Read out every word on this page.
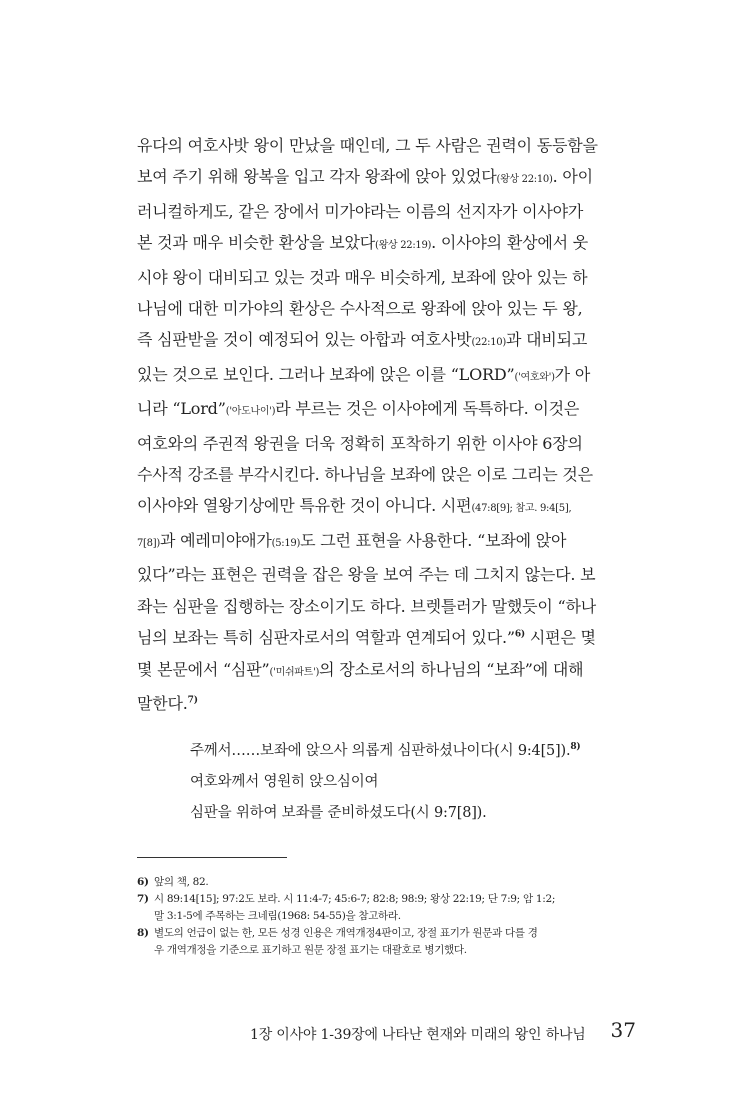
유다의 여호사밧 왕이 만났을 때인데, 그 두 사람은 권력이 동등함을
보여 주기 위해 왕복을 입고 각자 왕좌에 앉아 있었다(왕상 22:10). 아이
러니컬하게도, 같은 장에서 미가야라는 이름의 선지자가 이사야가
본 것과 매우 비슷한 환상을 보았다(왕상 22:19). 이사야의 환상에서 웃
시야 왕이 대비되고 있는 것과 매우 비슷하게, 보좌에 앉아 있는 하
나님에 대한 미가야의 환상은 수사적으로 왕좌에 앉아 있는 두 왕,
즉 심판받을 것이 예정되어 있는 아합과 여호사밧(22:10)과 대비되고
있는 것으로 보인다. 그러나 보좌에 앉은 이를 “LORD”('여호와')가 아
니라 “Lord”('아도나이')라 부르는 것은 이사야에게 독특하다. 이것은
여호와의 주권적 왕권을 더욱 정확히 포착하기 위한 이사야 6장의
수사적 강조를 부각시킨다. 하나님을 보좌에 앉은 이로 그리는 것은
이사야와 열왕기상에만 특유한 것이 아니다. 시편(47:8[9]; 참고. 9:4[5],
7[8])과 예레미야애가(5:19)도 그런 표현을 사용한다. “보좌에 앉아
있다”라는 표현은 권력을 잡은 왕을 보여 주는 데 그치지 않는다. 보
좌는 심판을 집행하는 장소이기도 하다. 브렛틀러가 말했듯이 “하나
님의 보좌는 특히 심판자로서의 역할과 연계되어 있다.”$^{6)}$ 시편은 몇
몇 본문에서 “심판”('미쉬파트')의 장소로서의 하나님의 “보좌”에 대해
말한다.$^{7)}$
주께서……보좌에 앉으사 의롭게 심판하셨나이다(시 9:4[5]).$^{8)}$
여호와께서 영원히 앉으심이여
심판을 위하여 보좌를 준비하셨도다(시 9:7[8]).
6) 앞의 책, 82.
7) 시 89:14[15]; 97:2도 보라. 시 11:4-7; 45:6-7; 82:8; 98:9; 왕상 22:19; 단 7:9; 암 1:2;
말 3:1-5에 주목하는 크네림(1968: 54-55)을 참고하라.
8) 별도의 언급이 없는 한, 모든 성경 인용은 개역개정4판이고, 장절 표기가 원문과 다를 경
우 개역개정을 기준으로 표기하고 원문 장절 표기는 대괄호로 병기했다.
1장 이사야 1-39장에 나타난 현재와 미래의 왕인 하나님 37
